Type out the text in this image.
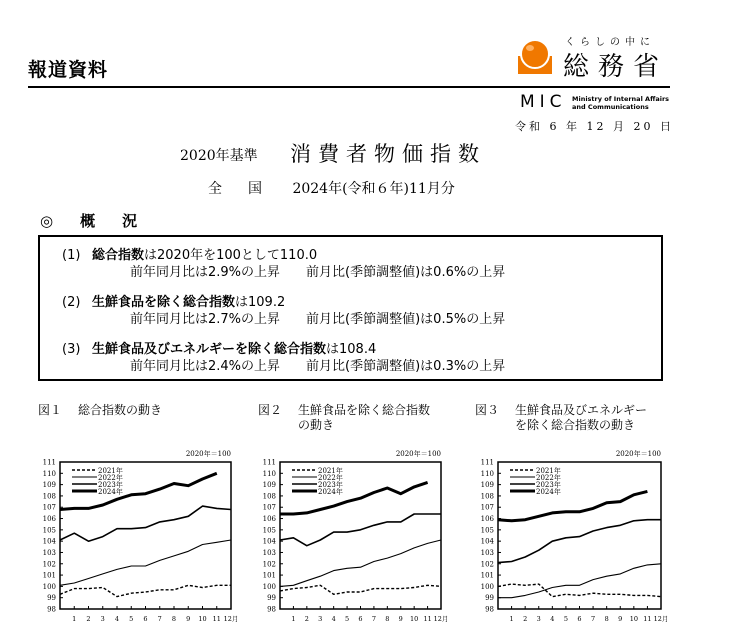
報道資料
くらしの中に
総務省
MIC Ministry of Internal Affairs
and Communications
令和 6 年 12 月 20 日
2020年基準 消費者物価指数
全国 2024年(令和６年)11月分
◎　概　況
(1) 総合指数は2020年を100として110.0
前年同月比は2.9%の上昇 前月比(季節調整値)は0.6%の上昇
(2) 生鮮食品を除く総合指数は109.2
前年同月比は2.7%の上昇 前月比(季節調整値)は0.5%の上昇
(3) 生鮮食品及びエネルギーを除く総合指数は108.4
前年同月比は2.4%の上昇 前月比(季節調整値)は0.3%の上昇
図１ 総合指数の動き	図２ 生鮮食品を除く総合指数
の動き
図３ 生鮮食品及びエネルギー
を除く総合指数の動き
2020年＝100
98
99
100
101
102
103
104
105
106
107
108
109
110
111
1 2 3 4 5 6 7 8 9 10 11 12月
2021年
2022年
2023年
2024年
2020年＝100
98
99
100
101
102
103
104
105
106
107
108
109
110
111
1 2 3 4 5 6 7 8 9 10 11 12月
2021年
2022年
2023年
2024年
2020年＝100
98
99
100
101
102
103
104
105
106
107
108
109
110
111
1 2 3 4 5 6 7 8 9 10 11 12月
2021年
2022年
2023年
2024年
